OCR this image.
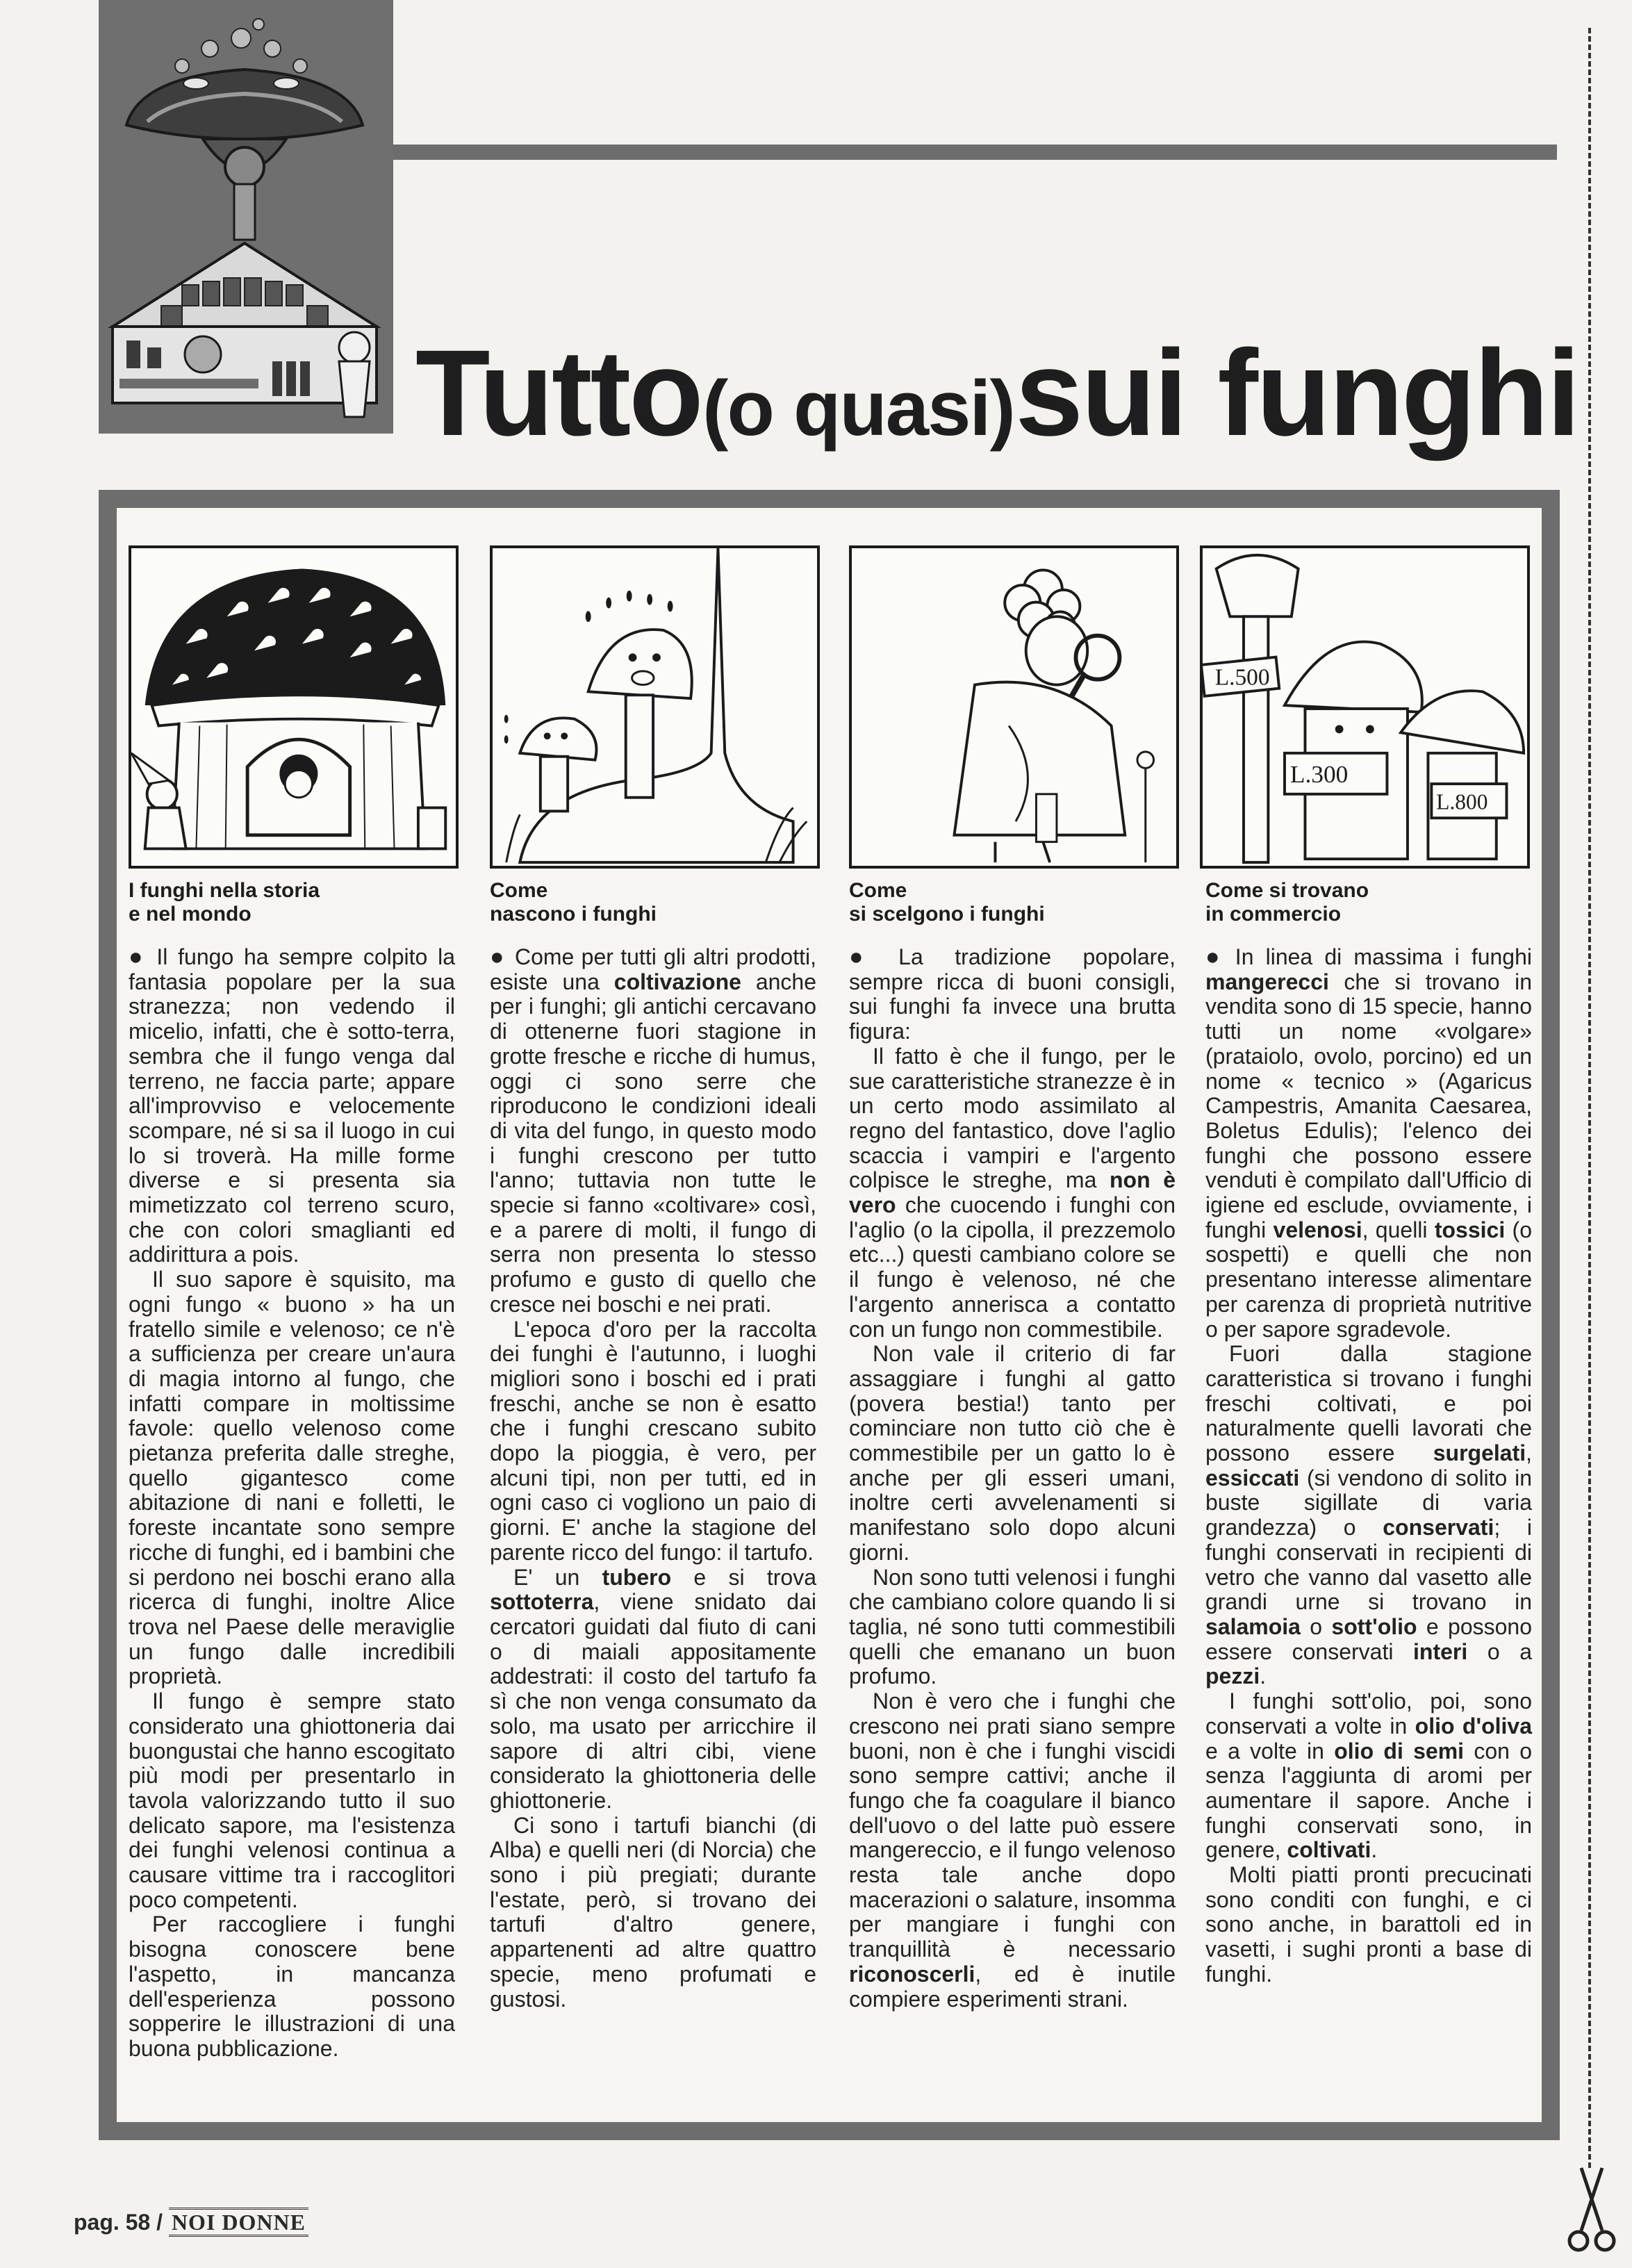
Tutto (o quasi) sui funghi
L.500
L.300
L.800
I funghi nella storia
e nel mondo
Come
nascono i funghi
Come
si scelgono i funghi
Come si trovano
in commercio

● Il fungo ha sempre colpito la fantasia popolare per la sua stranezza; non vedendo il micelio, infatti, che è sotto-terra, sembra che il fungo venga dal terreno, ne faccia parte; appare all'improvviso e velocemente scompare, né si sa il luogo in cui lo si troverà. Ha mille forme diverse e si presenta sia mimetizzato col terreno scuro, che con colori smaglianti ed addirittura a pois.

Il suo sapore è squisito, ma ogni fungo « buono » ha un fratello simile e velenoso; ce n'è a sufficienza per creare un'aura di magia intorno al fungo, che infatti compare in moltissime favole: quello velenoso come pietanza preferita dalle streghe, quello gigantesco come abitazione di nani e folletti, le foreste incantate sono sempre ricche di funghi, ed i bambini che si perdono nei boschi erano alla ricerca di funghi, inoltre Alice trova nel Paese delle meraviglie un fungo dalle incredibili proprietà.

Il fungo è sempre stato considerato una ghiottoneria dai buongustai che hanno escogitato più modi per presentarlo in tavola valorizzando tutto il suo delicato sapore, ma l'esistenza dei funghi velenosi continua a causare vittime tra i raccoglitori poco competenti.

Per raccogliere i funghi bisogna conoscere bene l'aspetto, in mancanza dell'esperienza possono sopperire le illustrazioni di una buona pubblicazione.

● Come per tutti gli altri prodotti, esiste una coltivazione anche per i funghi; gli antichi cercavano di ottenerne fuori stagione in grotte fresche e ricche di humus, oggi ci sono serre che riproducono le condizioni ideali di vita del fungo, in questo modo i funghi crescono per tutto l'anno; tuttavia non tutte le specie si fanno «coltivare» così, e a parere di molti, il fungo di serra non presenta lo stesso profumo e gusto di quello che cresce nei boschi e nei prati.

L'epoca d'oro per la raccolta dei funghi è l'autunno, i luoghi migliori sono i boschi ed i prati freschi, anche se non è esatto che i funghi crescano subito dopo la pioggia, è vero, per alcuni tipi, non per tutti, ed in ogni caso ci vogliono un paio di giorni. E' anche la stagione del parente ricco del fungo: il tartufo.

E' un tubero e si trova sottoterra, viene snidato dai cercatori guidati dal fiuto di cani o di maiali appositamente addestrati: il costo del tartufo fa sì che non venga consumato da solo, ma usato per arricchire il sapore di altri cibi, viene considerato la ghiottoneria delle ghiottonerie.

Ci sono i tartufi bianchi (di Alba) e quelli neri (di Norcia) che sono i più pregiati; durante l'estate, però, si trovano dei tartufi d'altro genere, appartenenti ad altre quattro specie, meno profumati e gustosi.

● La tradizione popolare, sempre ricca di buoni consigli, sui funghi fa invece una brutta figura:

Il fatto è che il fungo, per le sue caratteristiche stranezze è in un certo modo assimilato al regno del fantastico, dove l'aglio scaccia i vampiri e l'argento colpisce le streghe, ma non è vero che cuocendo i funghi con l'aglio (o la cipolla, il prezzemolo etc...) questi cambiano colore se il fungo è velenoso, né che l'argento annerisca a contatto con un fungo non commestibile.

Non vale il criterio di far assaggiare i funghi al gatto (povera bestia!) tanto per cominciare non tutto ciò che è commestibile per un gatto lo è anche per gli esseri umani, inoltre certi avvelenamenti si manifestano solo dopo alcuni giorni.

Non sono tutti velenosi i funghi che cambiano colore quando li si taglia, né sono tutti commestibili quelli che emanano un buon profumo.

Non è vero che i funghi che crescono nei prati siano sempre buoni, non è che i funghi viscidi sono sempre cattivi; anche il fungo che fa coagulare il bianco dell'uovo o del latte può essere mangereccio, e il fungo velenoso resta tale anche dopo macerazioni o salature, insomma per mangiare i funghi con tranquillità è necessario riconoscerli, ed è inutile compiere esperimenti strani.

● In linea di massima i funghi mangerecci che si trovano in vendita sono di 15 specie, hanno tutti un nome «volgare» (prataiolo, ovolo, porcino) ed un nome « tecnico » (Agaricus Campestris, Amanita Caesarea, Boletus Edulis); l'elenco dei funghi che possono essere venduti è compilato dall'Ufficio di igiene ed esclude, ovviamente, i funghi velenosi, quelli tossici (o sospetti) e quelli che non presentano interesse alimentare per carenza di proprietà nutritive o per sapore sgradevole.

Fuori dalla stagione caratteristica si trovano i funghi freschi coltivati, e poi naturalmente quelli lavorati che possono essere surgelati, essiccati (si vendono di solito in buste sigillate di varia grandezza) o conservati; i funghi conservati in recipienti di vetro che vanno dal vasetto alle grandi urne si trovano in salamoia o sott'olio e possono essere conservati interi o a pezzi.

I funghi sott'olio, poi, sono conservati a volte in olio d'oliva e a volte in olio di semi con o senza l'aggiunta di aromi per aumentare il sapore. Anche i funghi conservati sono, in genere, coltivati.

Molti piatti pronti precucinati sono conditi con funghi, e ci sono anche, in barattoli ed in vasetti, i sughi pronti a base di funghi.

pag. 58 / NOI DONNE
